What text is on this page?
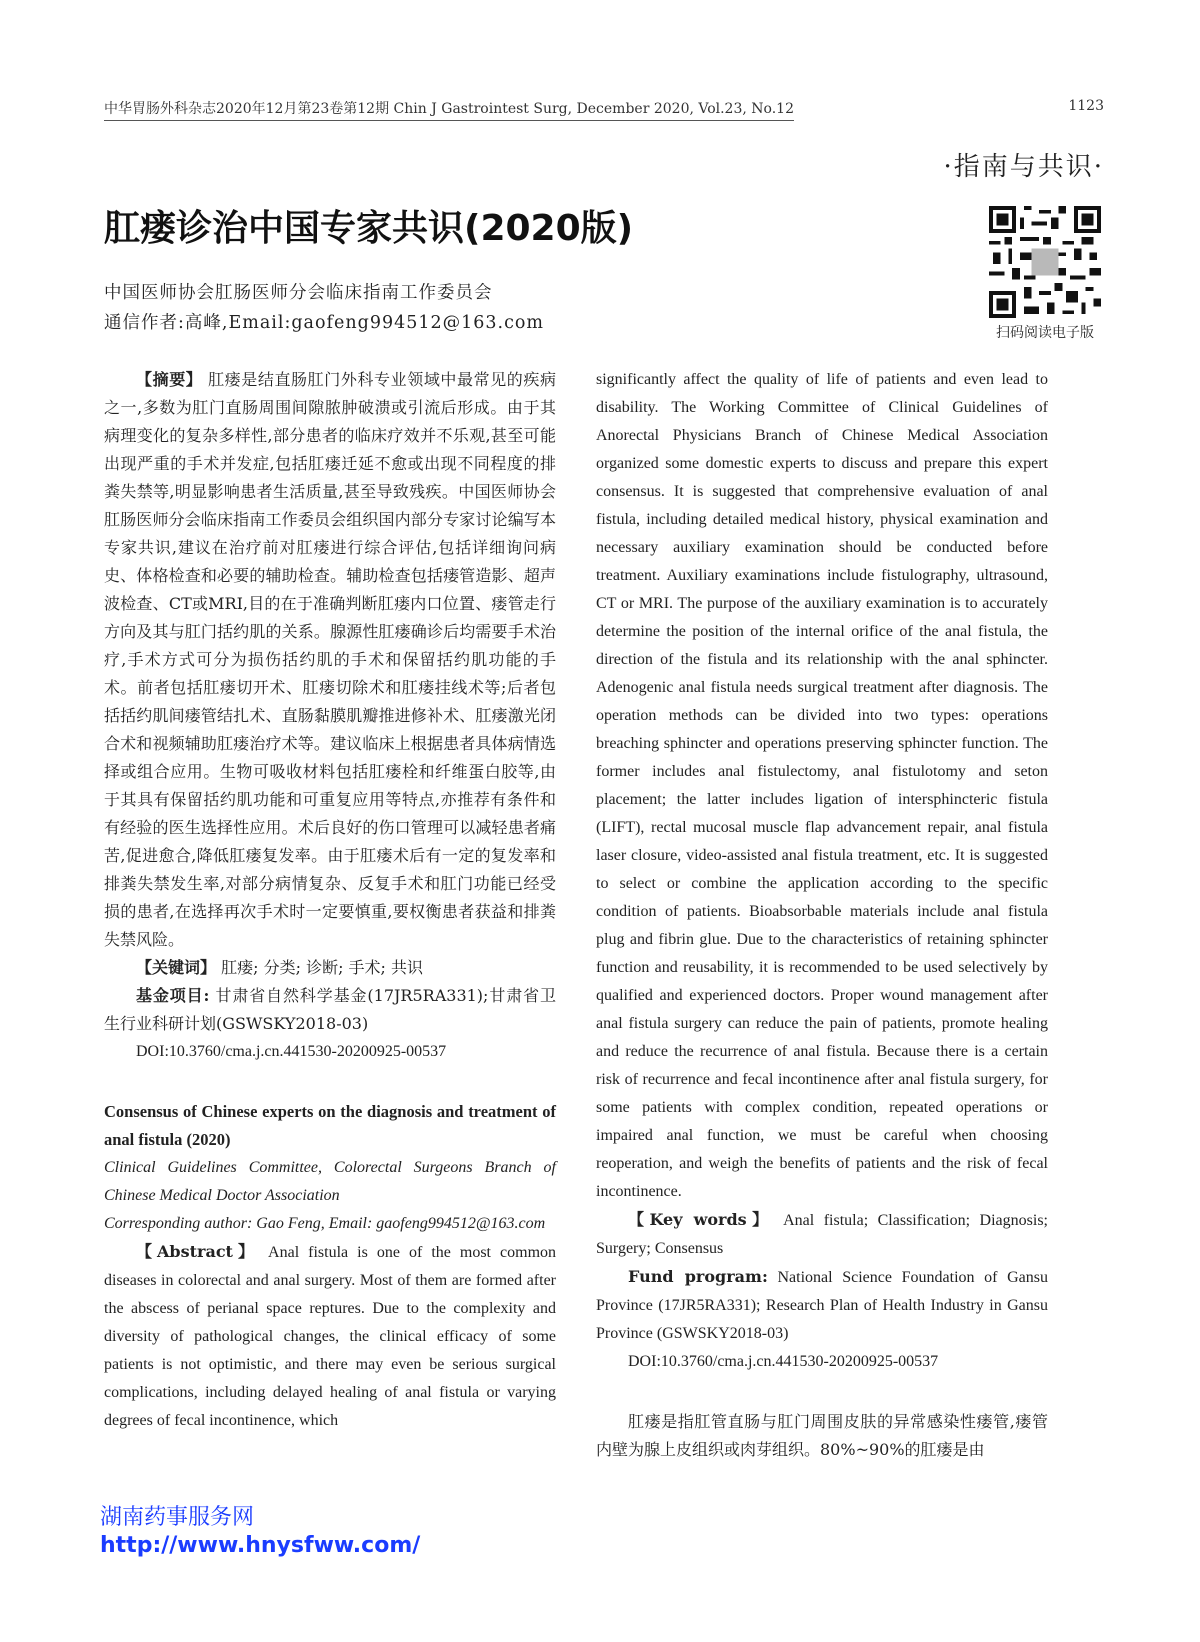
中华胃肠外科杂志2020年12月第23卷第12期 Chin J Gastrointest Surg, December 2020, Vol.23, No.12	1123
·指南与共识·
肛瘘诊治中国专家共识(2020版)
中国医师协会肛肠医师分会临床指南工作委员会
通信作者:高峰,Email:gaofeng994512@163.com	扫码阅读电子版

【摘要】 肛瘘是结直肠肛门外科专业领域中最常见的疾病之一,多数为肛门直肠周围间隙脓肿破溃或引流后形成。由于其病理变化的复杂多样性,部分患者的临床疗效并不乐观,甚至可能出现严重的手术并发症,包括肛瘘迁延不愈或出现不同程度的排粪失禁等,明显影响患者生活质量,甚至导致残疾。中国医师协会肛肠医师分会临床指南工作委员会组织国内部分专家讨论编写本专家共识,建议在治疗前对肛瘘进行综合评估,包括详细询问病史、体格检查和必要的辅助检查。辅助检查包括瘘管造影、超声波检查、CT或MRI,目的在于准确判断肛瘘内口位置、瘘管走行方向及其与肛门括约肌的关系。腺源性肛瘘确诊后均需要手术治疗,手术方式可分为损伤括约肌的手术和保留括约肌功能的手术。前者包括肛瘘切开术、肛瘘切除术和肛瘘挂线术等;后者包括括约肌间瘘管结扎术、直肠黏膜肌瓣推进修补术、肛瘘激光闭合术和视频辅助肛瘘治疗术等。建议临床上根据患者具体病情选择或组合应用。生物可吸收材料包括肛瘘栓和纤维蛋白胶等,由于其具有保留括约肌功能和可重复应用等特点,亦推荐有条件和有经验的医生选择性应用。术后良好的伤口管理可以减轻患者痛苦,促进愈合,降低肛瘘复发率。由于肛瘘术后有一定的复发率和排粪失禁发生率,对部分病情复杂、反复手术和肛门功能已经受损的患者,在选择再次手术时一定要慎重,要权衡患者获益和排粪失禁风险。

【关键词】 肛瘘; 分类; 诊断; 手术; 共识

基金项目: 甘肃省自然科学基金(17JR5RA331);甘肃省卫生行业科研计划(GSWSKY2018-03)

DOI:10.3760/cma.j.cn.441530-20200925-00537

Consensus of Chinese experts on the diagnosis and treatment of anal fistula (2020)

Clinical Guidelines Committee, Colorectal Surgeons Branch of Chinese Medical Doctor Association

Corresponding author: Gao Feng, Email: gaofeng994512@163.com

【Abstract】 Anal fistula is one of the most common diseases in colorectal and anal surgery. Most of them are formed after the abscess of perianal space reptures. Due to the complexity and diversity of pathological changes, the clinical efficacy of some patients is not optimistic, and there may even be serious surgical complications, including delayed healing of anal fistula or varying degrees of fecal incontinence, which

significantly affect the quality of life of patients and even lead to disability. The Working Committee of Clinical Guidelines of Anorectal Physicians Branch of Chinese Medical Association organized some domestic experts to discuss and prepare this expert consensus. It is suggested that comprehensive evaluation of anal fistula, including detailed medical history, physical examination and necessary auxiliary examination should be conducted before treatment. Auxiliary examinations include fistulography, ultrasound, CT or MRI. The purpose of the auxiliary examination is to accurately determine the position of the internal orifice of the anal fistula, the direction of the fistula and its relationship with the anal sphincter. Adenogenic anal fistula needs surgical treatment after diagnosis. The operation methods can be divided into two types: operations breaching sphincter and operations preserving sphincter function. The former includes anal fistulectomy, anal fistulotomy and seton placement; the latter includes ligation of intersphincteric fistula (LIFT), rectal mucosal muscle flap advancement repair, anal fistula laser closure, video-assisted anal fistula treatment, etc. It is suggested to select or combine the application according to the specific condition of patients. Bioabsorbable materials include anal fistula plug and fibrin glue. Due to the characteristics of retaining sphincter function and reusability, it is recommended to be used selectively by qualified and experienced doctors. Proper wound management after anal fistula surgery can reduce the pain of patients, promote healing and reduce the recurrence of anal fistula. Because there is a certain risk of recurrence and fecal incontinence after anal fistula surgery, for some patients with complex condition, repeated operations or impaired anal function, we must be careful when choosing reoperation, and weigh the benefits of patients and the risk of fecal incontinence.

【Key words】 Anal fistula; Classification; Diagnosis; Surgery; Consensus

Fund program: National Science Foundation of Gansu Province (17JR5RA331); Research Plan of Health Industry in Gansu Province (GSWSKY2018-03)

DOI:10.3760/cma.j.cn.441530-20200925-00537

肛瘘是指肛管直肠与肛门周围皮肤的异常感染性瘘管,瘘管内壁为腺上皮组织或肉芽组织。80%~90%的肛瘘是由

湖南药事服务网
http://www.hnysfww.com/
